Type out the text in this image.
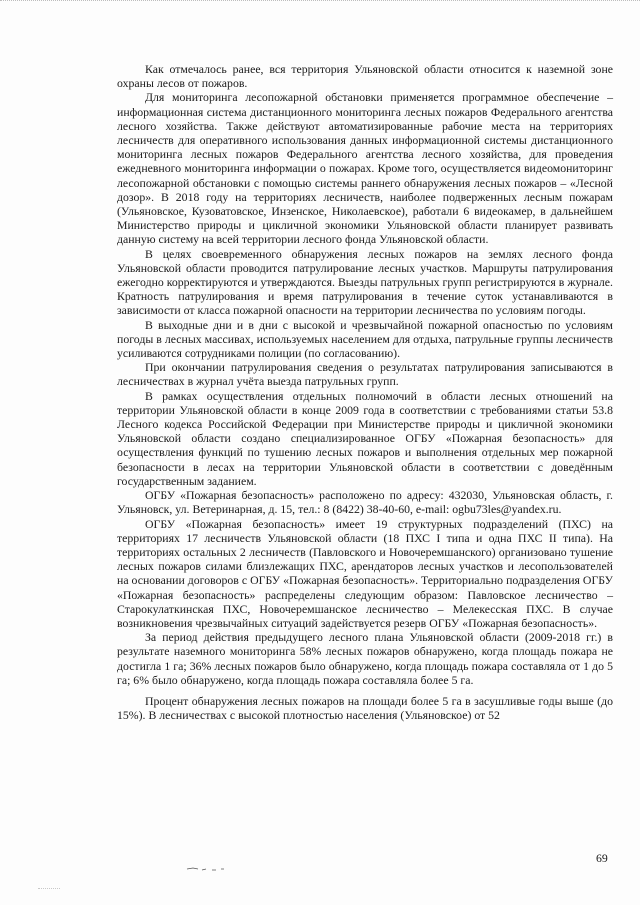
Как отмечалось ранее, вся территория Ульяновской области относится к наземной зоне охраны лесов от пожаров.

Для мониторинга лесопожарной обстановки применяется программное обеспечение – информационная система дистанционного мониторинга лесных пожаров Федерального агентства лесного хозяйства. Также действуют автоматизированные рабочие места на территориях лесничеств для оперативного использования данных информационной системы дистанционного мониторинга лесных пожаров Федерального агентства лесного хозяйства, для проведения ежедневного мониторинга информации о пожарах. Кроме того, осуществляется видеомониторинг лесопожарной обстановки с помощью системы раннего обнаружения лесных пожаров – «Лесной дозор». В 2018 году на территориях лесничеств, наиболее подверженных лесным пожарам (Ульяновское, Кузоватовское, Инзенское, Николаевское), работали 6 видеокамер, в дальнейшем Министерство природы и цикличной экономики Ульяновской области планирует развивать данную систему на всей территории лесного фонда Ульяновской области.

В целях своевременного обнаружения лесных пожаров на землях лесного фонда Ульяновской области проводится патрулирование лесных участков. Маршруты патрулирования ежегодно корректируются и утверждаются. Выезды патрульных групп регистрируются в журнале. Кратность патрулирования и время патрулирования в течение суток устанавливаются в зависимости от класса пожарной опасности на территории лесничества по условиям погоды.

В выходные дни и в дни с высокой и чрезвычайной пожарной опасностью по условиям погоды в лесных массивах, используемых населением для отдыха, патрульные группы лесничеств усиливаются сотрудниками полиции (по согласованию).

При окончании патрулирования сведения о результатах патрулирования записываются в лесничествах в журнал учёта выезда патрульных групп.

В рамках осуществления отдельных полномочий в области лесных отношений на территории Ульяновской области в конце 2009 года в соответствии с требованиями статьи 53.8 Лесного кодекса Российской Федерации при Министерстве природы и цикличной экономики Ульяновской области создано специализированное ОГБУ «Пожарная безопасность» для осуществления функций по тушению лесных пожаров и выполнения отдельных мер пожарной безопасности в лесах на территории Ульяновской области в соответствии с доведённым государственным заданием.

ОГБУ «Пожарная безопасность» расположено по адресу: 432030, Ульяновская область, г. Ульяновск, ул. Ветеринарная, д. 15, тел.: 8 (8422) 38-40-60, e-mail: ogbu73les@yandex.ru.

ОГБУ «Пожарная безопасность» имеет 19 структурных подразделений (ПХС) на территориях 17 лесничеств Ульяновской области (18 ПХС I типа и одна ПХС II типа). На территориях остальных 2 лесничеств (Павловского и Новочеремшанского) организовано тушение лесных пожаров силами близлежащих ПХС, арендаторов лесных участков и лесопользователей на основании договоров с ОГБУ «Пожарная безопасность». Территориально подразделения ОГБУ «Пожарная безопасность» распределены следующим образом: Павловское лесничество – Старокулаткинская ПХС, Новочеремшанское лесничество – Мелекесская ПХС. В случае возникновения чрезвычайных ситуаций задействуется резерв ОГБУ «Пожарная безопасность».

За период действия предыдущего лесного плана Ульяновской области (2009-2018 гг.) в результате наземного мониторинга 58% лесных пожаров обнаружено, когда площадь пожара не достигла 1 га; 36% лесных пожаров было обнаружено, когда площадь пожара составляла от 1 до 5 га; 6% было обнаружено, когда площадь пожара составляла более 5 га.

Процент обнаружения лесных пожаров на площади более 5 га в засушливые годы выше (до 15%). В лесничествах с высокой плотностью населения (Ульяновское) от 52

69
